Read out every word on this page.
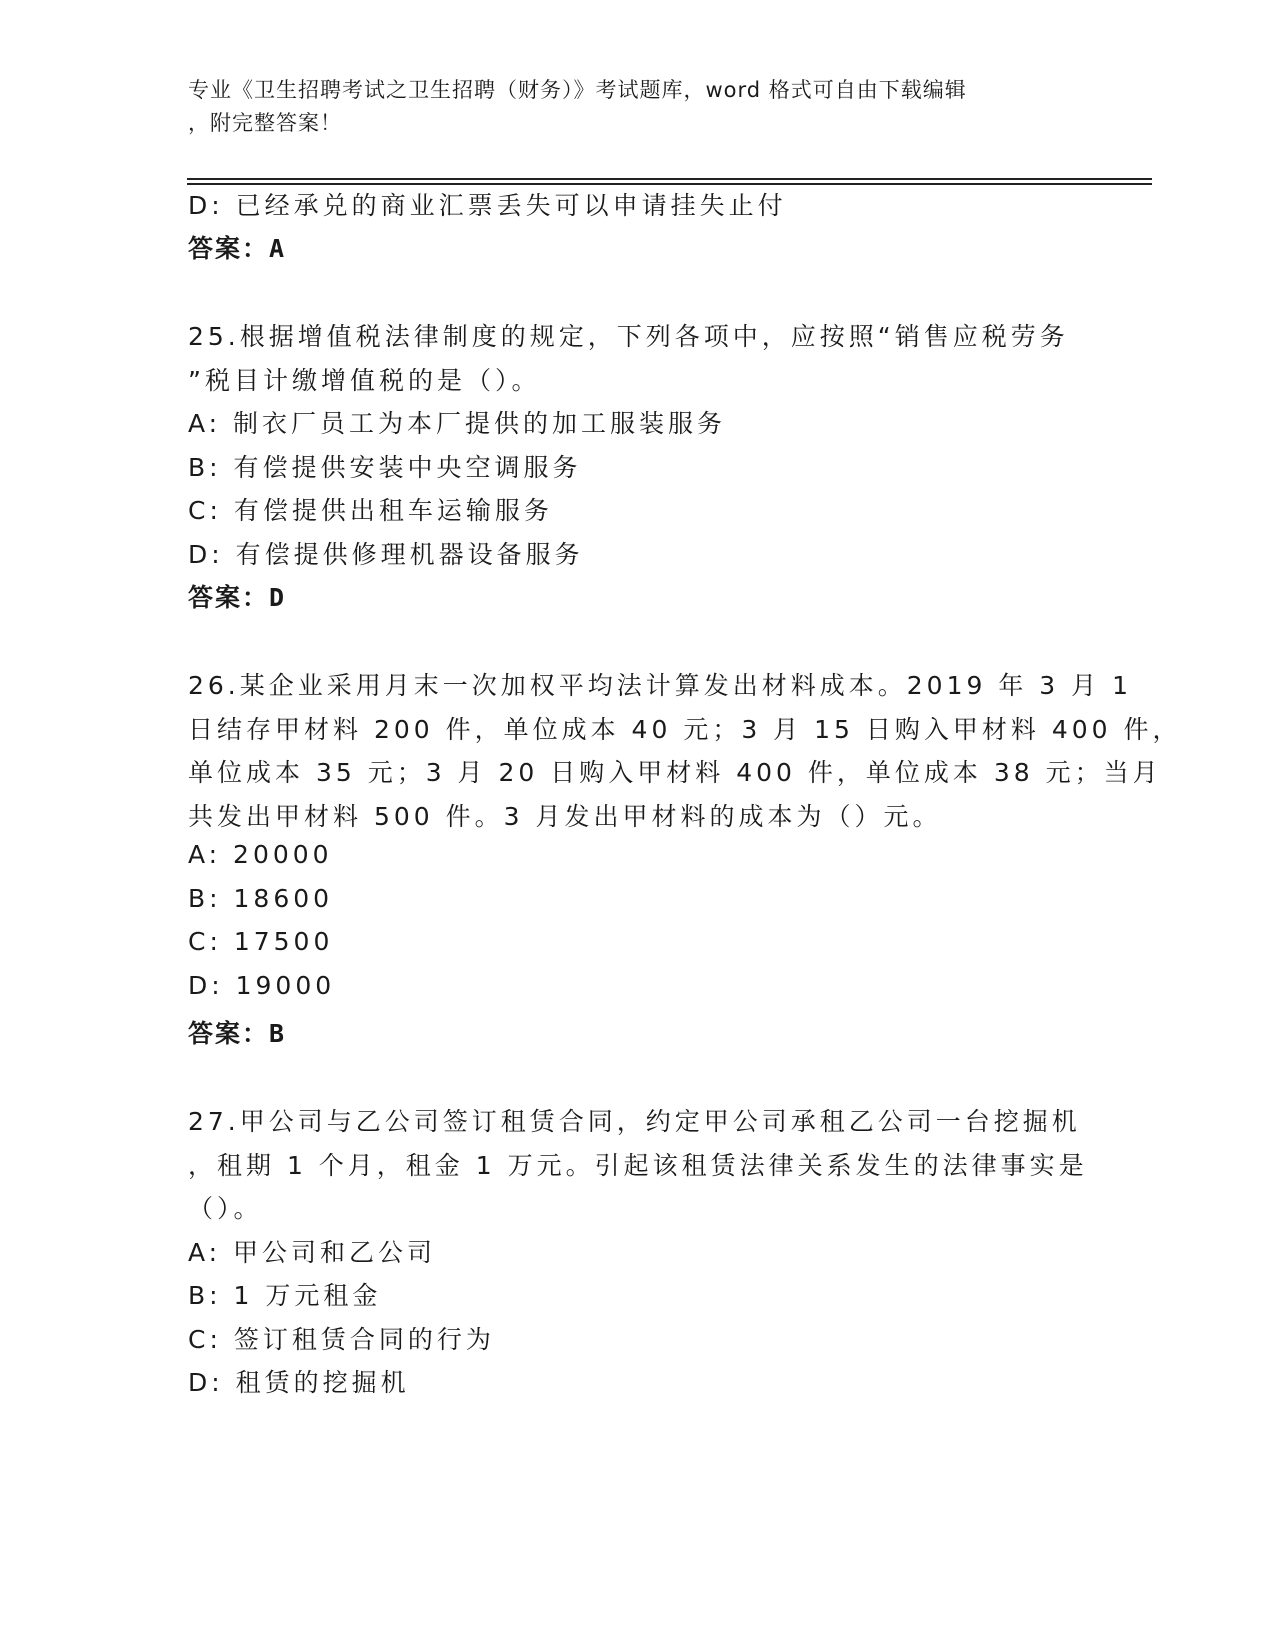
专业《卫生招聘考试之卫生招聘（财务）》考试题库，word 格式可自由下载编辑
，附完整答案！
D: 已经承兑的商业汇票丢失可以申请挂失止付
答案：A
25.根据增值税法律制度的规定，下列各项中，应按照“销售应税劳务
”税目计缴增值税的是（）。
A: 制衣厂员工为本厂提供的加工服装服务
B: 有偿提供安装中央空调服务
C: 有偿提供出租车运输服务
D: 有偿提供修理机器设备服务
答案：D
26.某企业采用月末一次加权平均法计算发出材料成本。2019 年 3 月 1
日结存甲材料 200 件，单位成本 40 元；3 月 15 日购入甲材料 400 件，
单位成本 35 元；3 月 20 日购入甲材料 400 件，单位成本 38 元；当月
共发出甲材料 500 件。3 月发出甲材料的成本为（）元。
A: 20000
B: 18600
C: 17500
D: 19000
答案：B
27.甲公司与乙公司签订租赁合同，约定甲公司承租乙公司一台挖掘机
，租期 1 个月，租金 1 万元。引起该租赁法律关系发生的法律事实是
（）。
A: 甲公司和乙公司
B: 1 万元租金
C: 签订租赁合同的行为
D: 租赁的挖掘机
